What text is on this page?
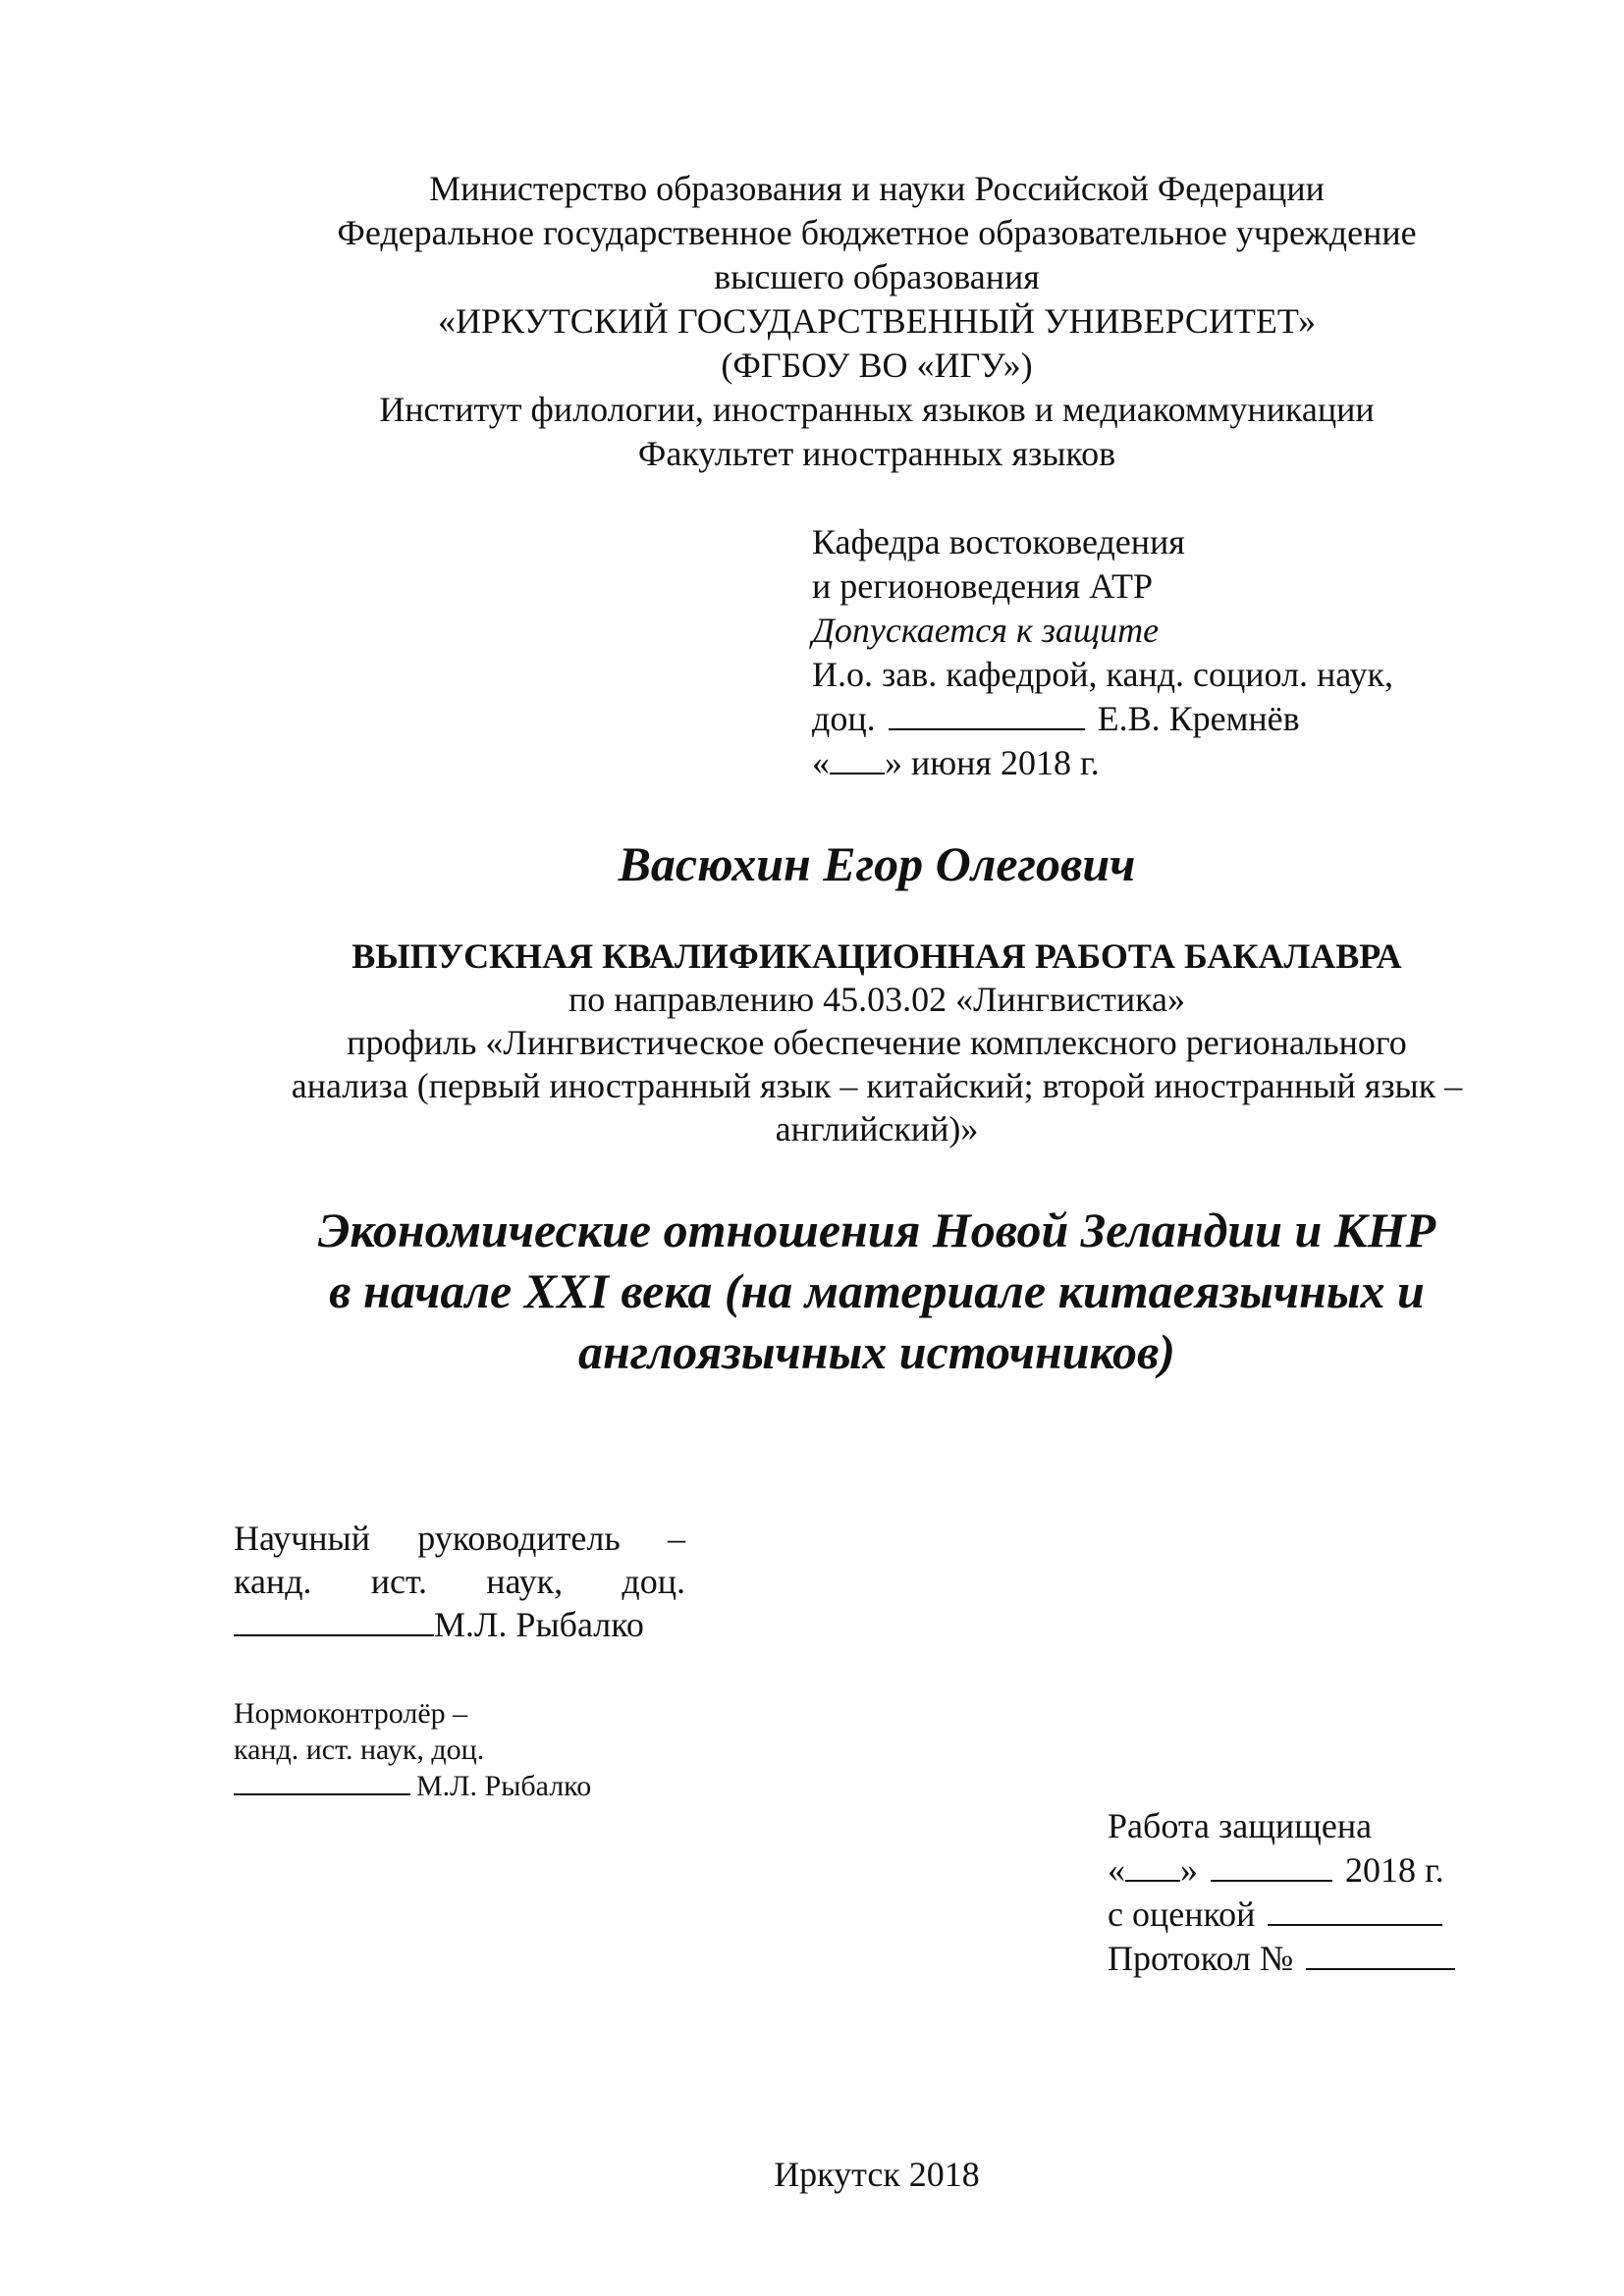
Министерство образования и науки Российской Федерации
Федеральное государственное бюджетное образовательное учреждение
высшего образования
«ИРКУТСКИЙ ГОСУДАРСТВЕННЫЙ УНИВЕРСИТЕТ»
(ФГБОУ ВО «ИГУ»)
Институт филологии, иностранных языков и медиакоммуникации
Факультет иностранных языков
Кафедра востоковедения
и регионоведения АТР
Допускается к защите
И.о. зав. кафедрой, канд. социол. наук,
доц.	Е.В. Кремнёв
« » июня 2018 г.
Васюхин Егор Олегович
ВЫПУСКНАЯ КВАЛИФИКАЦИОННАЯ РАБОТА БАКАЛАВРА
по направлению 45.03.02 «Лингвистика»
профиль «Лингвистическое обеспечение комплексного регионального
анализа (первый иностранный язык – китайский; второй иностранный язык –
английский)»
Экономические отношения Новой Зеландии и КНР
в начале XXI века (на материале китаеязычных и
англоязычных источников)
Научный руководитель –
канд. ист. наук, доц.
М.Л. Рыбалко
Нормоконтролёр –
канд. ист. наук, доц.
М.Л. Рыбалко
Работа защищена
« »	2018 г.
с оценкой
Протокол №
Иркутск 2018
